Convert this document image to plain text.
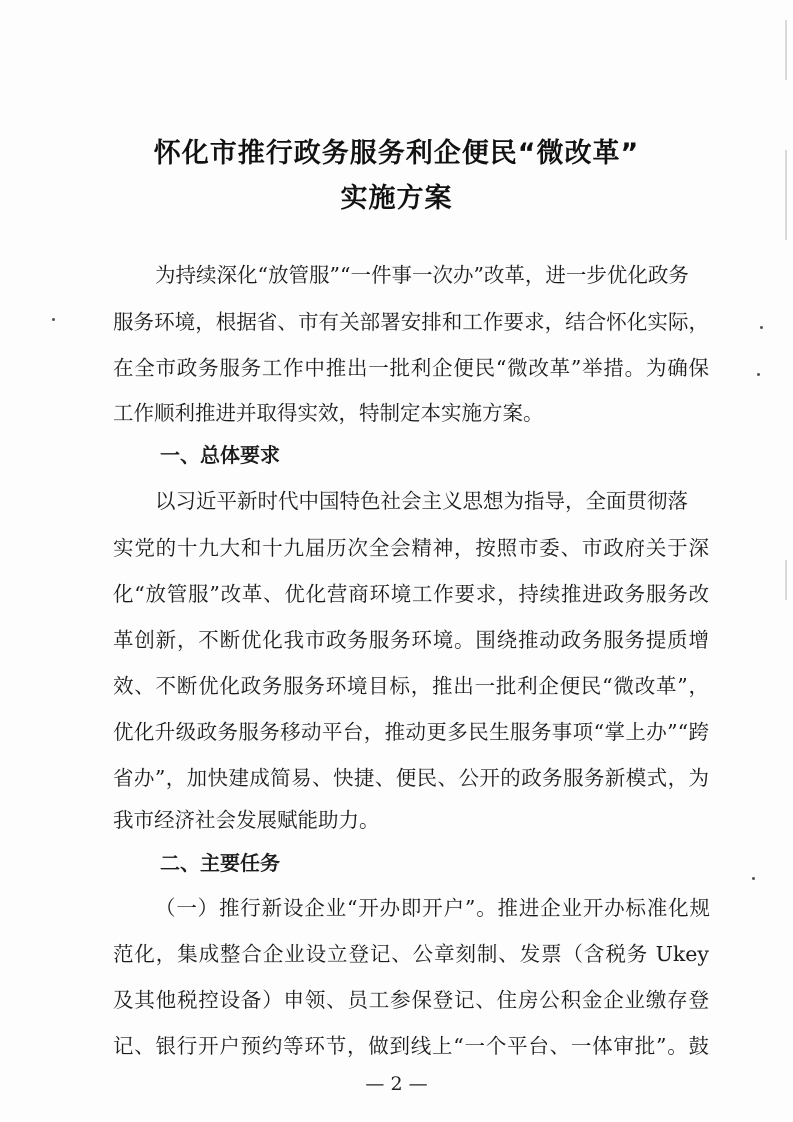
怀化市推行政务服务利企便民“微改革”
实施方案
为持续深化“放管服”“一件事一次办”改革，进一步优化政务
服务环境，根据省、市有关部署安排和工作要求，结合怀化实际，
在全市政务服务工作中推出一批利企便民“微改革”举措。为确保
工作顺利推进并取得实效，特制定本实施方案。
一、总体要求
以习近平新时代中国特色社会主义思想为指导，全面贯彻落
实党的十九大和十九届历次全会精神，按照市委、市政府关于深
化“放管服”改革、优化营商环境工作要求，持续推进政务服务改
革创新，不断优化我市政务服务环境。围绕推动政务服务提质增
效、不断优化政务服务环境目标，推出一批利企便民“微改革”，
优化升级政务服务移动平台，推动更多民生服务事项“掌上办”“跨
省办”，加快建成简易、快捷、便民、公开的政务服务新模式，为
我市经济社会发展赋能助力。
二、主要任务
（一）推行新设企业“开办即开户”。推进企业开办标准化规
范化，集成整合企业设立登记、公章刻制、发票（含税务 Ukey
及其他税控设备）申领、员工参保登记、住房公积金企业缴存登
记、银行开户预约等环节，做到线上“一个平台、一体审批”。鼓
— 2 —
